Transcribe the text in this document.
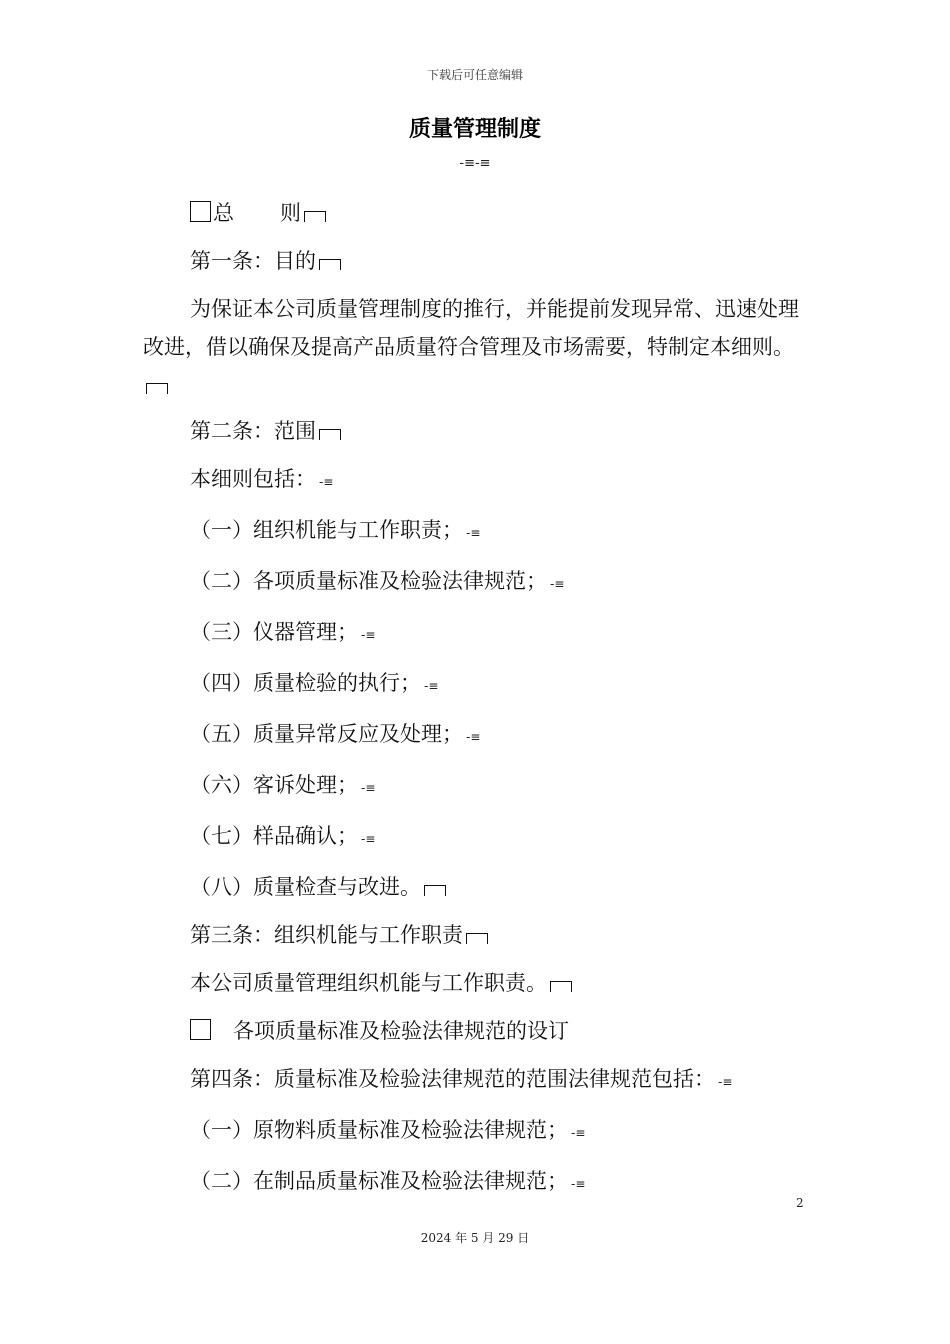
下载后可任意编辑
质量管理制度
-≡-≡

总 则

第一条：目的

为保证本公司质量管理制度的推行，并能提前发现异常、迅速处理改进，借以确保及提高产品质量符合管理及市场需要，特制定本细则。

第二条：范围

本细则包括： -≡

（一）组织机能与工作职责； -≡

（二）各项质量标准及检验法律规范； -≡

（三）仪器管理； -≡

（四）质量检验的执行； -≡

（五）质量异常反应及处理； -≡

（六）客诉处理； -≡

（七）样品确认； -≡

（八）质量检查与改进。

第三条：组织机能与工作职责

本公司质量管理组织机能与工作职责。

各项质量标准及检验法律规范的设订

第四条：质量标准及检验法律规范的范围法律规范包括： -≡

（一）原物料质量标准及检验法律规范； -≡

（二）在制品质量标准及检验法律规范； -≡

2
2024 年 5 月 29 日
